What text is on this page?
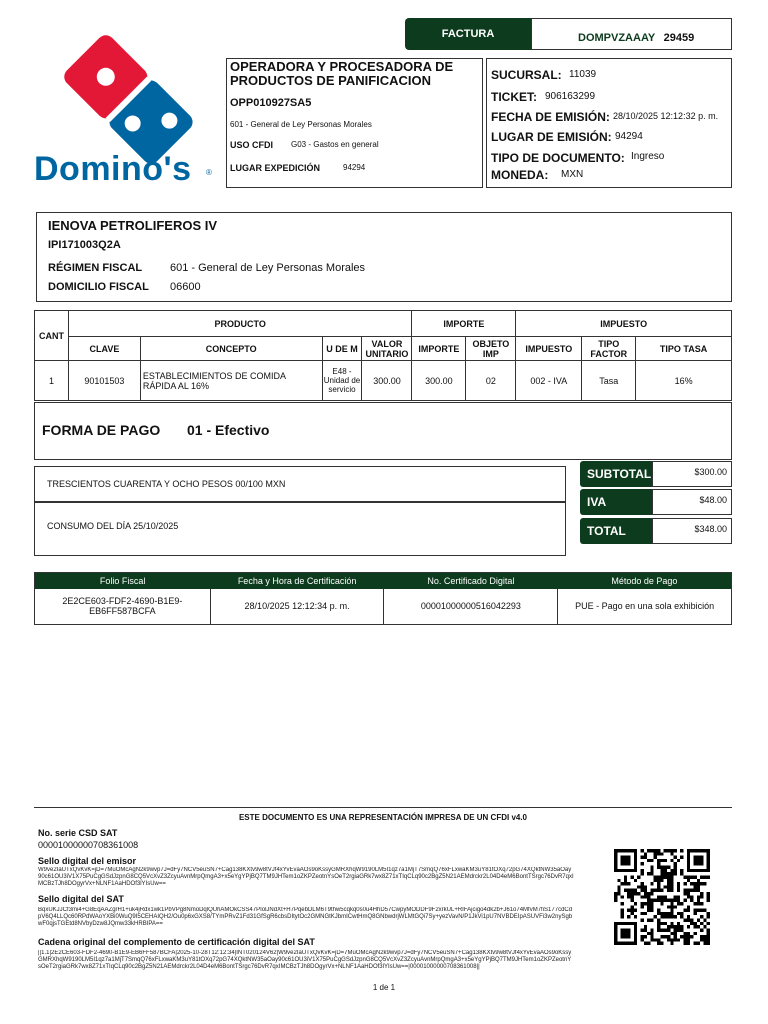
TM
Domino's ®
FACTURA	DOMPVZAAAY 29459
OPERADORA Y PROCESADORA DE PRODUCTOS DE PANIFICACION
OPP010927SA5
601 - General de Ley Personas Morales
USO CFDI G03 - Gastos en general
LUGAR EXPEDICIÓN	94294
SUCURSAL: 11039
TICKET: 906163299
FECHA DE EMISIÓN: 28/10/2025 12:12:32 p. m.
LUGAR DE EMISIÓN: 94294
TIPO DE DOCUMENTO: Ingreso
MONEDA: MXN
IENOVA PETROLIFEROS IV
IPI171003Q2A
RÉGIMEN FISCAL	601 - General de Ley Personas Morales
DOMICILIO FISCAL 06600
CANT	PRODUCTO				IMPORTE		IMPUESTO		
	CLAVE	CONCEPTO	U DE M	VALOR UNITARIO	IMPORTE	OBJETO IMP	IMPUESTO	TIPO FACTOR	TIPO TASA
1	90101503	ESTABLECIMIENTOS DE COMIDA RÁPIDA AL 16%	E48 - Unidad de servicio	300.00	300.00	02	002 - IVA	Tasa	16%
FORMA DE PAGO 01 - Efectivo
TRESCIENTOS CUARENTA Y OCHO PESOS 00/100 MXN
CONSUMO DEL DÍA 25/10/2025
SUBTOTAL	$300.00
IVA	$48.00
TOTAL	$348.00
Folio Fiscal	Fecha y Hora de Certificación	No. Certificado Digital	Método de Pago
2E2CE603-FDF2-4690-B1E9-EB6FF587BCFA	28/10/2025 12:12:34 p. m.	00001000000516042293	PUE - Pago en una sola exhibición
ESTE DOCUMENTO ES UNA REPRESENTACIÓN IMPRESA DE UN CFDI v4.0
No. serie CSD SAT
00001000000708361008
Sello digital del emisor
W9ve2IaUTxQvKvK=jD=7MuOMcAgN2k9wvp7J=dFy7NCV5euSN7+Cag138KXtv9w8tVJf4xYvEvaAOs9oKssyGMRXhqW9190LM5I1qz7a1MjT7SmqQ76xFLxwaKM3uY81tOXq72pG74XQktNW35aOay90c61OU3iV1X75PuCgGSdJzpnG8CQ5VcXvZ3ZcyuAvnMrpQmgA3+x5eYgYPjBQ7TM9JHTem1oZKPZeotnYsOeT2rgiaGRk7wx8Z71xTIqCLq90c2BgZ5N21AEMdrckr2L04D4eM6BontTSrgc76DvR7qxIMCBzTJh8DOgyrVx+NLNF1AaHDOf3lYIsUw==
Sello digital del SAT
BqxUKJJCf3mi4+G8EqAAZgrH1+uk4jRdx1wk1PbVPg8NmoDqlQUhAMOkCSS47PIolJNdXt+H7PqebDLM6T9thw5cqkq0s0u4HhD57CwpyMODDF9F2xrkUL+RIFAjcigo4dk2b+J61o74MfvM7fiS177cdCdpV6Q4LLQc60RPdWAoYXBi0WuQ9I5CEHAIQH2/Ou0p6xGXS8/TYmPRvZ1Fd31GfSgR6cbsDItytOc2GMNGtKJbmICwtHmQ8GNbwdrjWLMtGQi7Sy+yezVavN/P1JkVi1pU7NVBDEIpASUVFi3w2nySgbwF0qjsTGEtd8NVbyDzw8JQmw33kHRBIPA==
Cadena original del complemento de certificación digital del SAT
||1.1|2E2CE603-FDF2-4690-B1E9-EB6FF587BCFA|2025-10-28T12:12:34|INT020124V62|W9ve2IaUTxQvKvK=jD=7MuOMcAgN2k9wvp7J=dFy7NCV5euSN7+Cag138KXtv9w8tVJf4xYvEvaAOs9oKssyGMRXhqW9190LM5I1qz7a1MjT7SmqQ76xFLxwaKM3uY81tOXq72pG74XQktNW35aOay90c61OU3iV1X75PuCgGSdJzpnG8CQ5VcXvZ3ZcyuAvnMrpQmgA3+x5eYgYPjBQ7TM9JHTem1oZKPZeotnYsOeT2rgiaGRk7wx8Z71xTIqCLq90c2BgZ5N21AEMdrckr2L04D4eM6BontTSrgc76DvR7qxIMCBzTJh8DOgyrVx+NLNF1AaHDOf3lYIsUw==|00001000000708361008||
1 de 1
